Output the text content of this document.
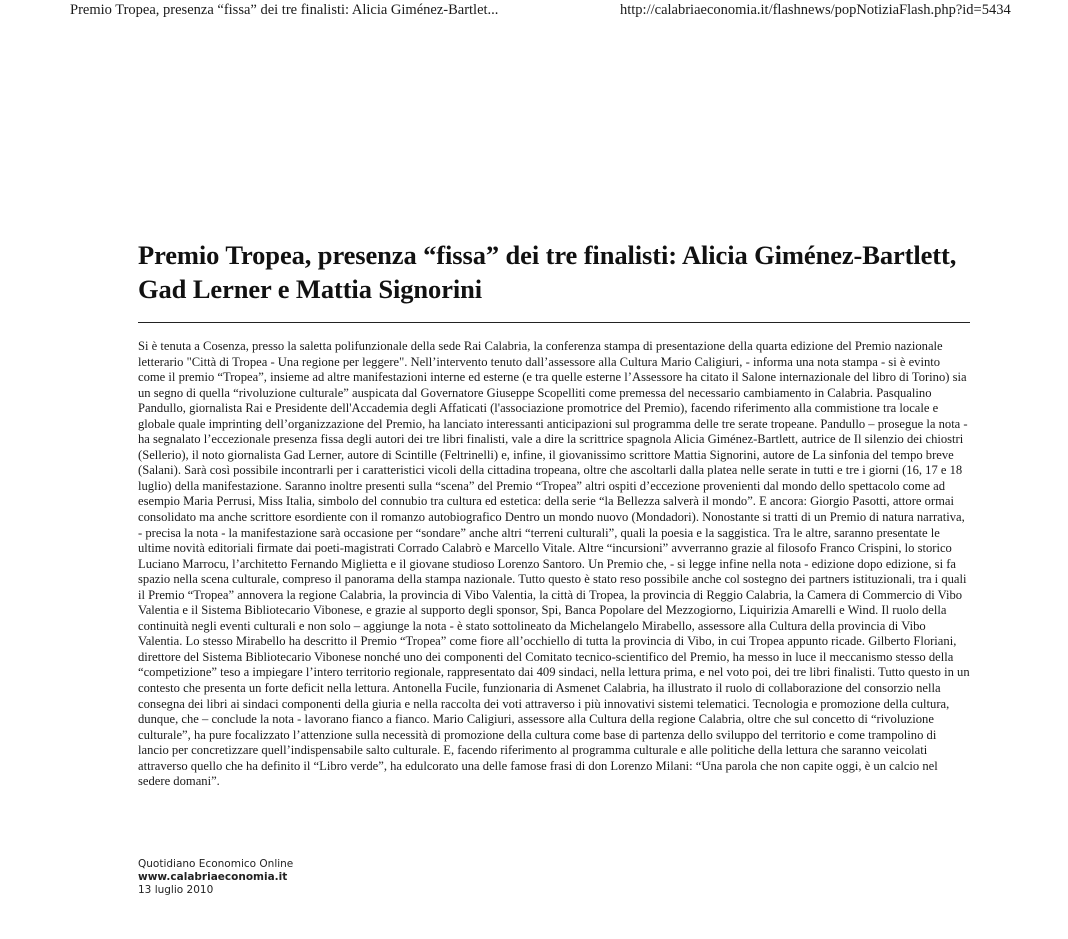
Premio Tropea, presenza “fissa” dei tre finalisti: Alicia Giménez-Bartlet...	http://calabriaeconomia.it/flashnews/popNotiziaFlash.php?id=5434
Premio Tropea, presenza “fissa” dei tre finalisti: Alicia Giménez-Bartlett, Gad Lerner e Mattia Signorini

Si è tenuta a Cosenza, presso la saletta polifunzionale della sede Rai Calabria, la conferenza stampa di presentazione della quarta edizione del Premio nazionale letterario "Città di Tropea - Una regione per leggere". Nell’intervento tenuto dall’assessore alla Cultura Mario Caligiuri, - informa una nota stampa - si è evinto come il premio “Tropea”, insieme ad altre manifestazioni interne ed esterne (e tra quelle esterne l’Assessore ha citato il Salone internazionale del libro di Torino) sia un segno di quella “rivoluzione culturale” auspicata dal Governatore Giuseppe Scopelliti come premessa del necessario cambiamento in Calabria. Pasqualino Pandullo, giornalista Rai e Presidente dell'Accademia degli Affaticati (l'associazione promotrice del Premio), facendo riferimento alla commistione tra locale e globale quale imprinting dell’organizzazione del Premio, ha lanciato interessanti anticipazioni sul programma delle tre serate tropeane. Pandullo – prosegue la nota - ha segnalato l’eccezionale presenza fissa degli autori dei tre libri finalisti, vale a dire la scrittrice spagnola Alicia Giménez-Bartlett, autrice de Il silenzio dei chiostri (Sellerio), il noto giornalista Gad Lerner, autore di Scintille (Feltrinelli) e, infine, il giovanissimo scrittore Mattia Signorini, autore de La sinfonia del tempo breve (Salani). Sarà così possibile incontrarli per i caratteristici vicoli della cittadina tropeana, oltre che ascoltarli dalla platea nelle serate in tutti e tre i giorni (16, 17 e 18 luglio) della manifestazione. Saranno inoltre presenti sulla “scena” del Premio “Tropea” altri ospiti d’eccezione provenienti dal mondo dello spettacolo come ad esempio Maria Perrusi, Miss Italia, simbolo del connubio tra cultura ed estetica: della serie “la Bellezza salverà il mondo”. E ancora: Giorgio Pasotti, attore ormai consolidato ma anche scrittore esordiente con il romanzo autobiografico Dentro un mondo nuovo (Mondadori). Nonostante si tratti di un Premio di natura narrativa, - precisa la nota - la manifestazione sarà occasione per “sondare” anche altri “terreni culturali”, quali la poesia e la saggistica. Tra le altre, saranno presentate le ultime novità editoriali firmate dai poeti-magistrati Corrado Calabrò e Marcello Vitale. Altre “incursioni” avverranno grazie al filosofo Franco Crispini, lo storico Luciano Marrocu, l’architetto Fernando Miglietta e il giovane studioso Lorenzo Santoro. Un Premio che, - si legge infine nella nota - edizione dopo edizione, si fa spazio nella scena culturale, compreso il panorama della stampa nazionale. Tutto questo è stato reso possibile anche col sostegno dei partners istituzionali, tra i quali il Premio “Tropea” annovera la regione Calabria, la provincia di Vibo Valentia, la città di Tropea, la provincia di Reggio Calabria, la Camera di Commercio di Vibo Valentia e il Sistema Bibliotecario Vibonese, e grazie al supporto degli sponsor, Spi, Banca Popolare del Mezzogiorno, Liquirizia Amarelli e Wind. Il ruolo della continuità negli eventi culturali e non solo – aggiunge la nota - è stato sottolineato da Michelangelo Mirabello, assessore alla Cultura della provincia di Vibo Valentia. Lo stesso Mirabello ha descritto il Premio “Tropea” come fiore all’occhiello di tutta la provincia di Vibo, in cui Tropea appunto ricade. Gilberto Floriani, direttore del Sistema Bibliotecario Vibonese nonché uno dei componenti del Comitato tecnico-scientifico del Premio, ha messo in luce il meccanismo stesso della “competizione” teso a impiegare l’intero territorio regionale, rappresentato dai 409 sindaci, nella lettura prima, e nel voto poi, dei tre libri finalisti. Tutto questo in un contesto che presenta un forte deficit nella lettura. Antonella Fucile, funzionaria di Asmenet Calabria, ha illustrato il ruolo di collaborazione del consorzio nella consegna dei libri ai sindaci componenti della giuria e nella raccolta dei voti attraverso i più innovativi sistemi telematici. Tecnologia e promozione della cultura, dunque, che – conclude la nota - lavorano fianco a fianco. Mario Caligiuri, assessore alla Cultura della regione Calabria, oltre che sul concetto di “rivoluzione culturale”, ha pure focalizzato l’attenzione sulla necessità di promozione della cultura come base di partenza dello sviluppo del territorio e come trampolino di lancio per concretizzare quell’indispensabile salto culturale. E, facendo riferimento al programma culturale e alle politiche della lettura che saranno veicolati attraverso quello che ha definito il “Libro verde”, ha edulcorato una delle famose frasi di don Lorenzo Milani: “Una parola che non capite oggi, è un calcio nel sedere domani”.

Quotidiano Economico Online
www.calabriaeconomia.it
13 luglio 2010
